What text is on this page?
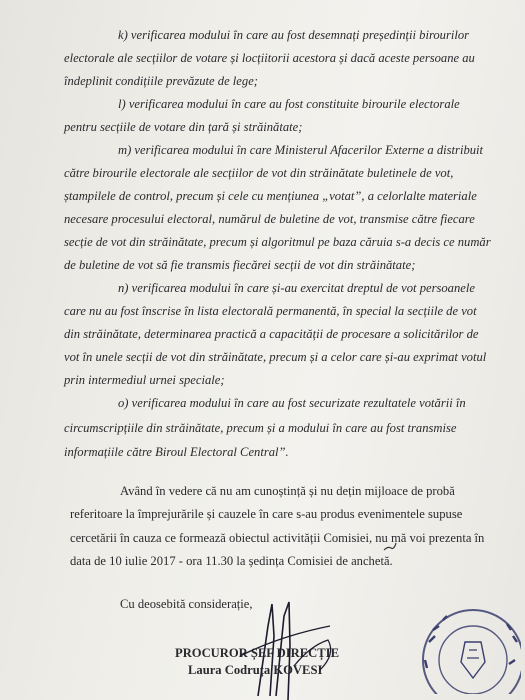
k) verificarea modului în care au fost desemnați președinții birourilor
electorale ale secțiilor de votare și locțiitorii acestora și dacă aceste persoane au
îndeplinit condițiile prevăzute de lege;
l) verificarea modului în care au fost constituite birourile electorale
pentru secțiile de votare din țară și străinătate;
m) verificarea modului în care Ministerul Afacerilor Externe a distribuit
către birourile electorale ale secțiilor de vot din străinătate buletinele de vot,
ștampilele de control, precum și cele cu mențiunea „votat”, a celorlalte materiale
necesare procesului electoral, numărul de buletine de vot, transmise către fiecare
secție de vot din străinătate, precum și algoritmul pe baza căruia s-a decis ce număr
de buletine de vot să fie transmis fiecărei secții de vot din străinătate;
n) verificarea modului în care și-au exercitat dreptul de vot persoanele
care nu au fost înscrise în lista electorală permanentă, în special la secțiile de vot
din străinătate, determinarea practică a capacității de procesare a solicitărilor de
vot în unele secții de vot din străinătate, precum și a celor care și-au exprimat votul
prin intermediul urnei speciale;
o) verificarea modului în care au fost securizate rezultatele votării în
circumscripțiile din străinătate, precum și a modului în care au fost transmise
informațiile către Biroul Electoral Central”.
Având în vedere că nu am cunoștință și nu dețin mijloace de probă
referitoare la împrejurările și cauzele în care s-au produs evenimentele supuse
cercetării în cauza ce formează obiectul activității Comisiei, nu mă voi prezenta în
data de 10 iulie 2017 - ora 11.30 la ședința Comisiei de anchetă.
Cu deosebită considerație,
PROCUROR ȘEF DIRECȚIE
Laura Codruța KOVESI
